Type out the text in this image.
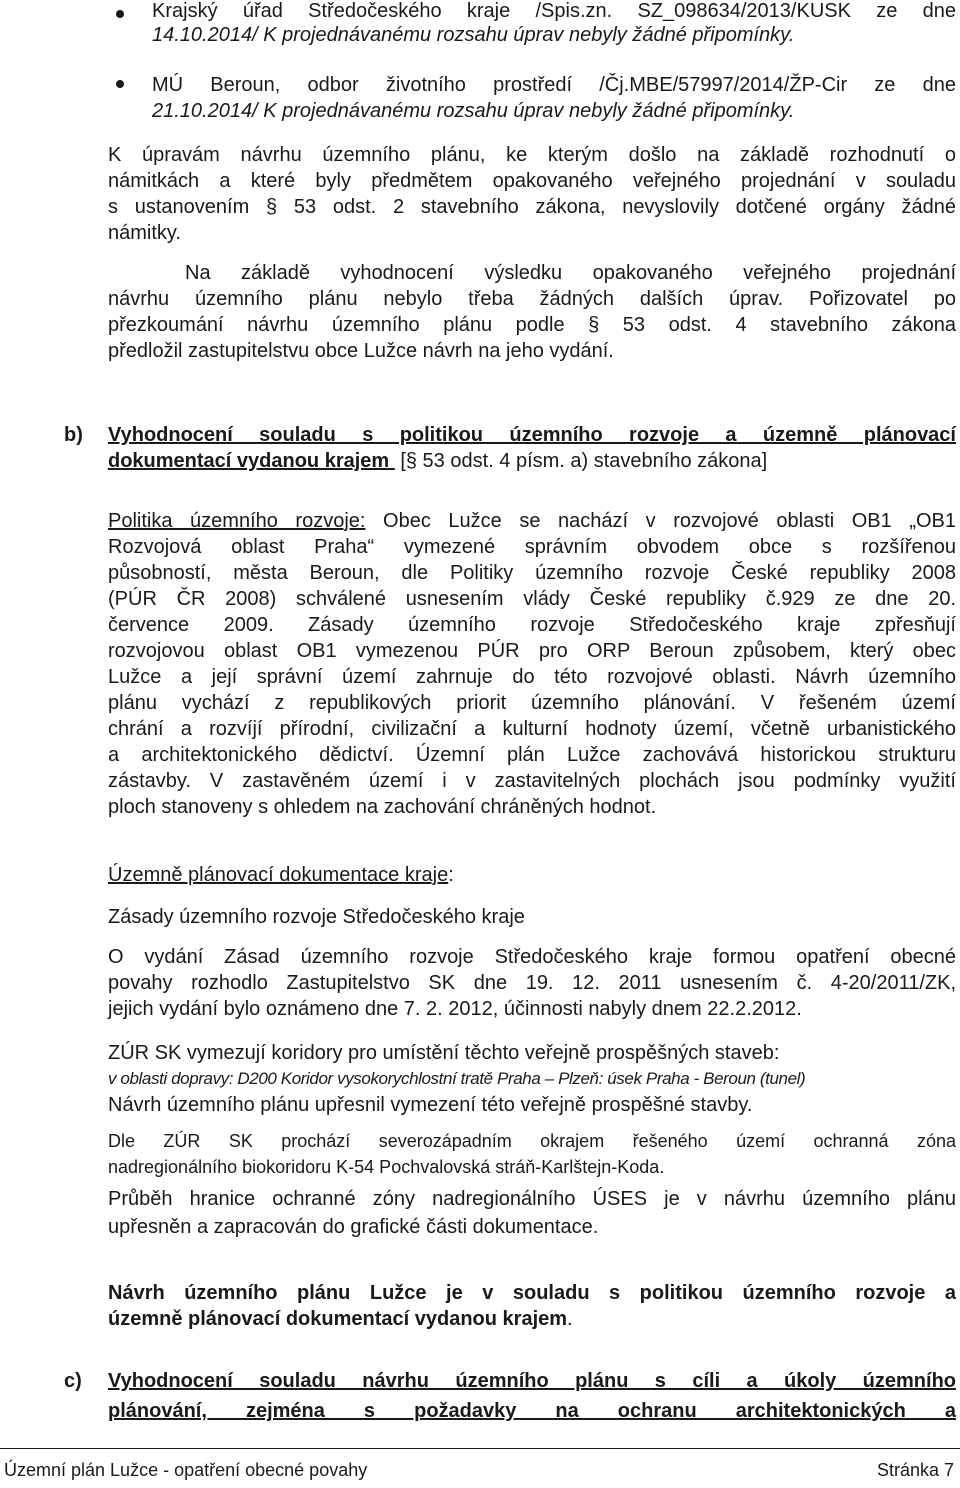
Krajský úřad Středočeského kraje /Spis.zn. SZ_098634/2013/KUSK ze dne
14.10.2014/ K projednávanému rozsahu úprav nebyly žádné připomínky.
MÚ Beroun, odbor životního prostředí /Čj.MBE/57997/2014/ŽP-Cir ze dne
21.10.2014/ K projednávanému rozsahu úprav nebyly žádné připomínky.
K úpravám návrhu územního plánu, ke kterým došlo na základě rozhodnutí o
námitkách a které byly předmětem opakovaného veřejného projednání v souladu
s ustanovením § 53 odst. 2 stavebního zákona, nevyslovily dotčené orgány žádné
námitky.
Na základě vyhodnocení výsledku opakovaného veřejného projednání
návrhu územního plánu nebylo třeba žádných dalších úprav. Pořizovatel po
přezkoumání návrhu územního plánu podle § 53 odst. 4 stavebního zákona
předložil zastupitelstvu obce Lužce návrh na jeho vydání.
b) Vyhodnocení souladu s politikou územního rozvoje a územně plánovací
dokumentací vydanou krajem  [§ 53 odst. 4 písm. a) stavebního zákona]
Politika územního rozvoje: Obec Lužce se nachází v rozvojové oblasti OB1 „OB1
Rozvojová oblast Praha“ vymezené správním obvodem obce s rozšířenou
působností, města Beroun, dle Politiky územního rozvoje České republiky 2008
(PÚR ČR 2008) schválené usnesením vlády České republiky č.929 ze dne 20.
července 2009. Zásady územního rozvoje Středočeského kraje zpřesňují
rozvojovou oblast OB1 vymezenou PÚR pro ORP Beroun způsobem, který obec
Lužce a její správní území zahrnuje do této rozvojové oblasti. Návrh územního
plánu vychází z republikových priorit územního plánování. V řešeném území
chrání a rozvíjí přírodní, civilizační a kulturní hodnoty území, včetně urbanistického
a architektonického dědictví. Územní plán Lužce zachovává historickou strukturu
zástavby. V zastavěném území i v zastavitelných plochách jsou podmínky využití
ploch stanoveny s ohledem na zachování chráněných hodnot.
Územně plánovací dokumentace kraje:
Zásady územního rozvoje Středočeského kraje
O vydání Zásad územního rozvoje Středočeského kraje formou opatření obecné
povahy rozhodlo Zastupitelstvo SK dne 19. 12. 2011 usnesením č. 4-20/2011/ZK,
jejich vydání bylo oznámeno dne 7. 2. 2012, účinnosti nabyly dnem 22.2.2012.
ZÚR SK vymezují koridory pro umístění těchto veřejně prospěšných staveb:
v oblasti dopravy: D200 Koridor vysokorychlostní tratě Praha – Plzeň: úsek Praha - Beroun (tunel)
Návrh územního plánu upřesnil vymezení této veřejně prospěšné stavby.
Dle ZÚR SK prochází severozápadním okrajem řešeného území ochranná zóna
nadregionálního biokoridoru K-54 Pochvalovská stráň-Karlštejn-Koda.
Průběh hranice ochranné zóny nadregionálního ÚSES je v návrhu územního plánu
upřesněn a zapracován do grafické části dokumentace.
Návrh územního plánu Lužce je v souladu s politikou územního rozvoje a
územně plánovací dokumentací vydanou krajem.
c) Vyhodnocení souladu návrhu územního plánu s cíli a úkoly územního
plánování, zejména s požadavky na ochranu architektonických a
Územní plán Lužce - opatření obecné povahy	Stránka 7
